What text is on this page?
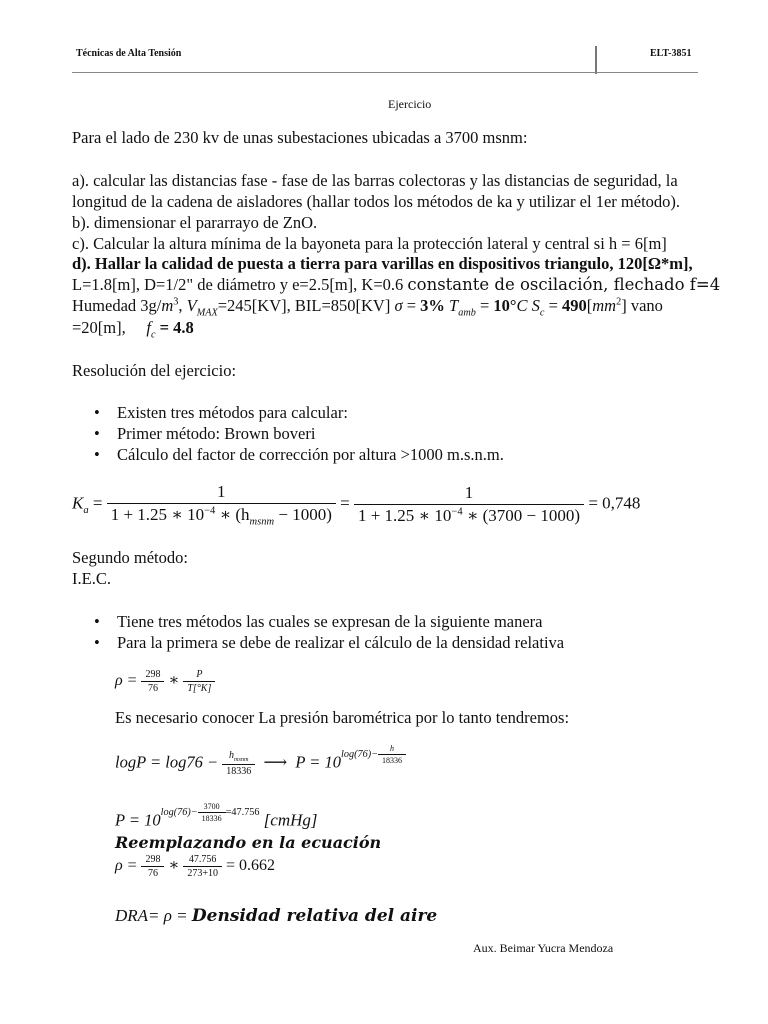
Técnicas de Alta Tensión	ELT-3851
Ejercicio
Para el lado de 230 kv de unas subestaciones ubicadas a 3700 msnm:
a). calcular las distancias fase - fase de las barras colectoras y las distancias de seguridad, la
longitud de la cadena de aisladores (hallar todos los métodos de ka y utilizar el 1er método).
b). dimensionar el pararrayo de ZnO.
c). Calcular la altura mínima de la bayoneta para la protección lateral y central si h = 6[m]
d). Hallar la calidad de puesta a tierra para varillas en dispositivos triangulo, 120[Ω*m],
L=1.8[m], D=1/2" de diámetro y e=2.5[m], K=0.6 constante de oscilación, flechado f=4
Humedad $3g/m^3$, $V_{MAX}=245[KV]$, BIL=850[KV] σ = 3% $T_{amb} = 10^\circ C$ $S_c = 490[mm^2]$ vano
=20[m],     $f_c = 4.8$
Resolución del ejercicio:
• Existen tres métodos para calcular:
• Primer método: Brown boveri
• Cálculo del factor de corrección por altura >1000 m.s.n.m.
$K_a = \frac{1}{1 + 1.25 ∗ 10^{-4} ∗ (h_{msnm} - 1000)} = \frac{1}{1 + 1.25 ∗ 10^{-4} ∗ (3700 - 1000)} = 0,748$
Segundo método:
I.E.C.
• Tiene tres métodos las cuales se expresan de la siguiente manera
• Para la primera se debe de realizar el cálculo de la densidad relativa
$\rho = \frac{298}{76}$ ∗ $\frac{P}{T[^\circ K]}$
Es necesario conocer La presión barométrica por lo tanto tendremos:
$\log P = \log 76 - \frac{h_{msnm}}{18336}$ ⟶ $P = 10^{log(76)- \frac{h}{18336}}$
$P = 10^{log(76)- \frac{3700}{18336} =47.756}$ [cmHg]
Reemplazando en la ecuación
$\rho = \frac{298}{76}$ ∗ $\frac{47.756}{273+10} = 0.662$
DRA= ρ = Densidad relativa del aire
Aux. Beimar Yucra Mendoza
